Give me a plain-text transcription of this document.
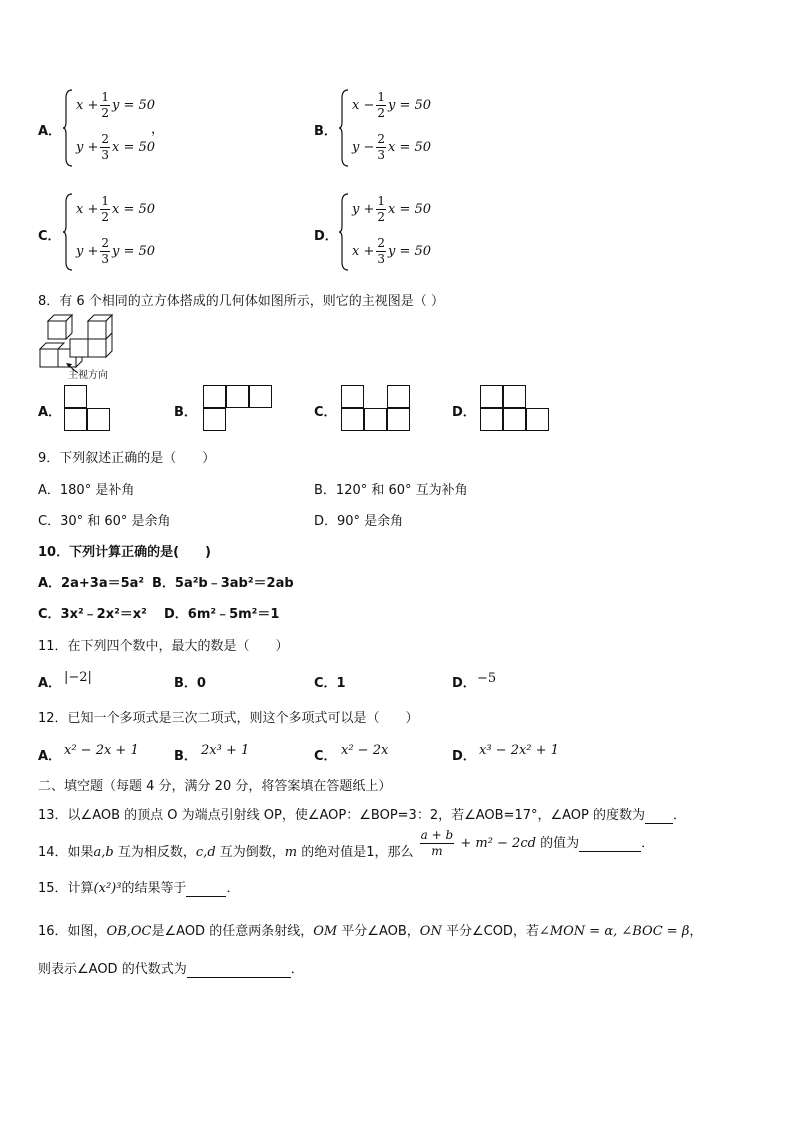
A．
$x + \frac{1}{2}$ y = 50
$y + \frac{2}{3}$ x = 50
，	B．
$x - \frac{1}{2}$ y = 50
$y - \frac{2}{3}$ x = 50
C．
$x + \frac{1}{2}$ x = 50
$y + \frac{2}{3}$ y = 50
D．
$y + \frac{1}{2}$ x = 50
$x + \frac{2}{3}$ y = 50
8．有 6 个相同的立方体搭成的几何体如图所示，则它的主视图是（ ）
主视方向
A．	B．	C．	D．
9．下列叙述正确的是（　　）
A．180° 是补角	B．120° 和 60° 互为补角
C．30° 和 60° 是余角	D．90° 是余角
10．下列计算正确的是(　　)
A．2a+3a＝5a² B．5a²b﹣3ab²＝2ab
C．3x²﹣2x²＝x² D．6m²﹣5m²＝1
11．在下列四个数中，最大的数是（　　）
A． |−2|	B．0	C．1	D． −5
12．已知一个多项式是三次二项式，则这个多项式可以是（　　）
A． x² − 2x + 1	B． 2x³ + 1	C． x² − 2x	D． x³ − 2x² + 1
二、填空题（每题 4 分，满分 20 分，将答案填在答题纸上）
13．以∠AOB 的顶点 O 为端点引射线 OP，使∠AOP：∠BOP=3：2，若∠AOB=17°，∠AOP 的度数为 ．
14．如果a,b 互为相反数，c,d 互为倒数，m 的绝对值是1，那么 $\frac{a + b}{m} + m^2 - 2cd$ 的值为	．
15．计算(x²)³的结果等于	．
16．如图，OB,OC是∠AOD 的任意两条射线，OM 平分∠AOB，ON 平分∠COD，若∠MON = α, ∠BOC = β，
则表示∠AOD 的代数式为	．
